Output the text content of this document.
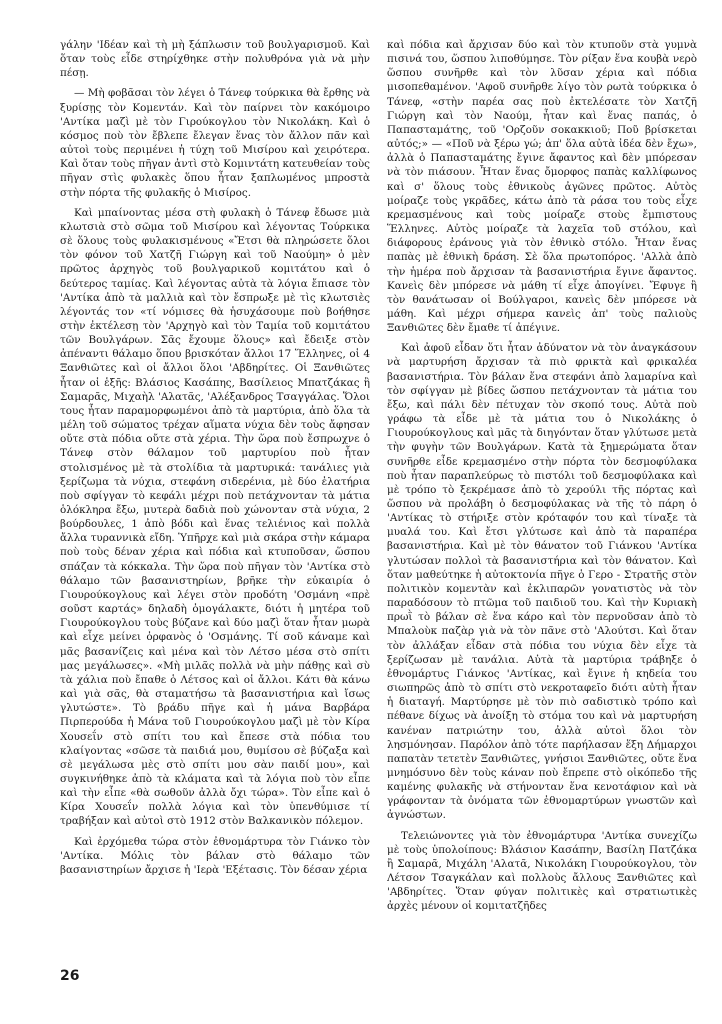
γάλην 'Ιδέαν καὶ τὴ μὴ ξάπλωσιν τοῦ βουλγαρισμοῦ. Καὶ ὅταν τοὺς εἶδε στηρίχθηκε στὴν πολυθρόνα γιὰ νὰ μὴν πέσῃ.

— Μὴ φοβᾶσαι τὸν λέγει ὁ Τάνεφ τούρκικα θὰ ἔρθης νὰ ξυρίσῃς τὸν Κομεντάν. Καὶ τὸν παίρνει τὸν κακόμοιρο 'Αντίκα μαζὶ μὲ τὸν Γιρούκογλου τὸν Νικολάκη. Καὶ ὁ κόσμος ποὺ τὸν ἔβλεπε ἔλεγαν ἕνας τὸν ἄλλον πᾶν καὶ αὐτοὶ τοὺς περιμένει ἡ τύχη τοῦ Μισίρου καὶ χειρότερα. Καὶ ὅταν τοὺς πῆγαν ἀντὶ στὸ Κομιντάτη κατευθείαν τοὺς πῆγαν στὶς φυλακὲς ὅπου ἦταν ξαπλωμένος μπροστὰ στὴν πόρτα τῆς φυλακῆς ὁ Μισίρος.

Καὶ μπαίνοντας μέσα στὴ φυλακὴ ὁ Τάνεφ ἔδωσε μιὰ κλωτσιὰ στὸ σῶμα τοῦ Μισίρου καὶ λέγοντας Τούρκικα σὲ ὅλους τοὺς φυλακισμένους «Ἔτσι θὰ πληρώσετε ὅλοι τὸν φόνον τοῦ Χατζῆ Γιώργη καὶ τοῦ Ναούμη» ὁ μὲν πρῶτος ἀρχηγὸς τοῦ βουλγαρικοῦ κομιτάτου καὶ ὁ δεύτερος ταμίας. Καὶ λέγοντας αὐτὰ τὰ λόγια ἔπιασε τὸν 'Αντίκα ἀπὸ τὰ μαλλιὰ καὶ τὸν ἔσπρωξε μὲ τὶς κλωτσιὲς λέγοντάς τον «τί νόμισες θὰ ἡσυχάσουμε ποὺ βοήθησε στὴν ἐκτέλεσῃ τὸν 'Αρχηγὸ καὶ τὸν Ταμία τοῦ κομιτάτου τῶν Βουλγάρων. Σᾶς ἔχουμε ὅλους» καὶ ἔδειξε στὸν ἀπέναντι θάλαμο ὅπου βρισκόταν ἄλλοι 17 Ἕλληνες, οἱ 4 Ξανθιῶτες καὶ οἱ ἄλλοι ὅλοι 'Αβδηρίτες. Οἱ Ξανθιῶτες ἦταν οἱ ἑξῆς: Βλάσιος Κασάπης, Βασίλειος Μπατζάκας ἢ Σαμαρᾶς, Μιχαὴλ 'Αλατᾶς, 'Αλέξανδρος Τσαγγάλας. Ὅλοι τους ἦταν παραμορφωμένοι ἀπὸ τὰ μαρτύρια, ἀπὸ ὅλα τὰ μέλη τοῦ σώματος τρέχαν αἵματα νύχια δὲν τοὺς ἄφησαν οὔτε στὰ πόδια οὔτε στὰ χέρια. Τὴν ὥρα ποὺ ἔσπρωχνε ὁ Τάνεφ στὸν θάλαμον τοῦ μαρτυρίου ποὺ ἦταν στολισμένος μὲ τὰ στολίδια τὰ μαρτυρικά: τανάλιες γιὰ ξερίζωμα τὰ νύχια, στεφάνη σιδερένια, μὲ δύο ἐλατήρια ποὺ σφίγγαν τὸ κεφάλι μέχρι ποὺ πετάχνονταν τὰ μάτια ὁλόκληρα ἔξω, μυτερὰ δαδιὰ ποὺ χώνονταν στὰ νύχια, 2 βούρδουλες, 1 ἀπὸ βόδι καὶ ἕνας τελιένιος καὶ πολλὰ ἄλλα τυραννικὰ εἴδη. Ὑπῆρχε καὶ μιὰ σκάρα στὴν κάμαρα ποὺ τοὺς δέναν χέρια καὶ πόδια καὶ κτυποῦσαν, ὥσπου σπάζαν τὰ κόκκαλα. Τὴν ὥρα ποὺ πῆγαν τὸν 'Αντίκα στὸ θάλαμο τῶν βασανιστηρίων, βρῆκε τὴν εὐκαιρία ὁ Γιουρούκογλους καὶ λέγει στὸν προδότη 'Οσμάνη «πρὲ σοῦστ καρτάς» δηλαδὴ ὁμογάλακτε, διότι ἡ μητέρα τοῦ Γιουρούκογλου τοὺς βύζανε καὶ δύο μαζὶ ὅταν ἦταν μωρὰ καὶ εἶχε μείνει ὀρφανὸς ὁ 'Οσμάνης. Τί σοῦ κάναμε καὶ μᾶς βασανίζεις καὶ μένα καὶ τὸν Λέτσο μέσα στὸ σπίτι μας μεγάλωσες». «Μὴ μιλᾶς πολλὰ νὰ μὴν πάθῃς καὶ σὺ τὰ χάλια ποὺ ἔπαθε ὁ Λέτσος καὶ οἱ ἄλλοι. Κάτι θὰ κάνω καὶ γιὰ σᾶς, θὰ σταματήσω τὰ βασανιστήρια καὶ ἴσως γλυτώστε». Τὸ βράδυ πῆγε καὶ ἡ μάνα Βαρβάρα Πιρπερούδα ἡ Μάνα τοῦ Γιουρούκογλου μαζὶ μὲ τὸν Κίρα Χουσεΐν στὸ σπίτι του καὶ ἔπεσε στὰ πόδια του κλαίγοντας «σῶσε τὰ παιδιά μου, θυμίσου σὲ βύζαξα καὶ σὲ μεγάλωσα μὲς στὸ σπίτι μου σὰν παιδί μου», καὶ συγκινήθηκε ἀπὸ τὰ κλάματα καὶ τὰ λόγια ποὺ τὸν εἶπε καὶ τὴν εἶπε «θὰ σωθοῦν ἀλλὰ ὄχι τώρα». Τὸν εἶπε καὶ ὁ Κίρα Χουσεΐν πολλὰ λόγια καὶ τὸν ὑπενθύμισε τί τραβήξαν καὶ αὐτοὶ στὸ 1912 στὸν Βαλκανικὸν πόλεμον.

Καὶ ἐρχόμεθα τώρα στὸν ἐθνομάρτυρα τὸν Γιάνκο τὸν 'Αντίκα. Μόλις τὸν βάλαν στὸ θάλαμο τῶν βασανιστηρίων ἄρχισε ἡ 'Ιερὰ 'Εξέτασις. Τὸν δέσαν χέρια

καὶ πόδια καὶ ἄρχισαν δύο καὶ τὸν κτυποῦν στὰ γυμνὰ πισινά του, ὥσπου λιποθύμησε. Τὸν ρίξαν ἕνα κουβὰ νερὸ ὥσπου συνῆρθε καὶ τὸν λῦσαν χέρια καὶ πόδια μισοπεθαμένον. 'Αφοῦ συνῆρθε λίγο τὸν ρωτὰ τούρκικα ὁ Τάνεφ, «στὴν παρέα σας ποὺ ἐκτελέσατε τὸν Χατζῆ Γιώργη καὶ τὸν Ναούμ, ἦταν καὶ ἕνας παπάς, ὁ Παπασταμάτης, τοῦ 'Ορζοῦν σοκακκιοῦ; Ποῦ βρίσκεται αὐτός;» — «Ποῦ νὰ ξέρω γώ; ἀπ' ὅλα αὐτὰ ἰδέα δὲν ἔχω», ἀλλὰ ὁ Παπασταμάτης ἔγινε ἄφαντος καὶ δὲν μπόρεσαν νὰ τὸν πιάσουν. Ἦταν ἕνας ὄμορφος παπὰς καλλίφωνος καὶ σ' ὅλους τοὺς ἐθνικοὺς ἀγῶνες πρῶτος. Αὐτὸς μοίραζε τοὺς γκρᾶδες, κάτω ἀπὸ τὰ ράσα του τοὺς εἶχε κρεμασμένους καὶ τοὺς μοίραζε στοὺς ἔμπιστους Ἕλληνες. Αὐτὸς μοίραζε τὰ λαχεῖα τοῦ στόλου, καὶ διάφορους ἐράνους γιὰ τὸν ἐθνικὸ στόλο. Ἦταν ἕνας παπὰς μὲ ἐθνικὴ δράση. Σὲ ὅλα πρωτοπόρος. 'Αλλὰ ἀπὸ τὴν ἡμέρα ποὺ ἄρχισαν τὰ βασανιστήρια ἔγινε ἄφαντος. Κανεὶς δὲν μπόρεσε νὰ μάθη τί εἶχε ἀπογίνει. Ἔφυγε ἢ τὸν θανάτωσαν οἱ Βούλγαροι, κανεὶς δὲν μπόρεσε νὰ μάθη. Καὶ μέχρι σήμερα κανεὶς ἀπ' τοὺς παλιοὺς Ξανθιῶτες δὲν ἔμαθε τί ἀπέγινε.

Καὶ ἀφοῦ εἶδαν ὅτι ἦταν ἀδύνατον νὰ τὸν ἀναγκάσουν νὰ μαρτυρήση ἄρχισαν τὰ πιὸ φρικτὰ καὶ φρικαλέα βασανιστήρια. Τὸν βάλαν ἕνα στεφάνι ἀπὸ λαμαρίνα καὶ τὸν σφίγγαν μὲ βίδες ὥσπου πετάχνονταν τὰ μάτια του ἔξω, καὶ πάλι δὲν πέτυχαν τὸν σκοπό τους. Αὐτὰ ποὺ γράφω τὰ εἶδε μὲ τὰ μάτια του ὁ Νικολάκης ὁ Γιουρούκογλους καὶ μᾶς τὰ διηγόνταν ὅταν γλύτωσε μετὰ τὴν φυγὴν τῶν Βουλγάρων. Κατὰ τὰ ξημερώματα ὅταν συνῆρθε εἶδε κρεμασμένο στὴν πόρτα τὸν δεσμοφύλακα ποὺ ἦταν παραπλεύρως τὸ πιστόλι τοῦ δεσμοφύλακα καὶ μὲ τρόπο τὸ ξεκρέμασε ἀπὸ τὸ χερούλι τῆς πόρτας καὶ ὥσπου νὰ προλάβη ὁ δεσμοφύλακας νὰ τῆς τὸ πάρη ὁ 'Αντίκας τὸ στήριξε στὸν κρόταφόν του καὶ τίναξε τὰ μυαλά του. Καὶ ἔτσι γλύτωσε καὶ ἀπὸ τὰ παραπέρα βασανιστήρια. Καὶ μὲ τὸν θάνατον τοῦ Γιάνκου 'Αντίκα γλυτώσαν πολλοὶ τὰ βασανιστήρια καὶ τὸν θάνατον. Καὶ ὅταν μαθεύτηκε ἡ αὐτοκτονία πῆγε ὁ Γερο - Στρατῆς στὸν πολιτικὸν κομεντὰν καὶ ἐκλιπαρῶν γονατιστὸς νὰ τὸν παραδόσουν τὸ πτῶμα τοῦ παιδιοῦ του. Καὶ τὴν Κυριακὴ πρωῒ τὸ βάλαν σὲ ἕνα κάρο καὶ τὸν περνοῦσαν ἀπὸ τὸ Μπαλοὺκ παζὰρ γιὰ νὰ τὸν πᾶνε στὸ 'Αλούτσι. Καὶ ὅταν τὸν ἀλλάξαν εἶδαν στὰ πόδια του νύχια δὲν εἶχε τὰ ξερίζωσαν μὲ τανάλια. Αὐτὰ τὰ μαρτύρια τράβηξε ὁ ἐθνομάρτυς Γιάνκος 'Αντίκας, καὶ ἔγινε ἡ κηδεία του σιωπηρῶς ἀπὸ τὸ σπίτι στὸ νεκροταφεῖο διότι αὐτὴ ἦταν ἡ διαταγή. Μαρτύρησε μὲ τὸν πιὸ σαδιστικὸ τρόπο καὶ πέθανε δίχως νὰ ἀνοίξη τὸ στόμα του καὶ νὰ μαρτυρήση κανέναν πατριώτην του, ἀλλὰ αὐτοὶ ὅλοι τὸν λησμόνησαν. Παρόλον ἀπὸ τότε παρήλασαν ἕξη Δήμαρχοι παπατὰν τετετὲν Ξανθιῶτες, γνήσιοι Ξανθιῶτες, οὔτε ἕνα μνημόσυνο δὲν τοὺς κάναν ποὺ ἔπρεπε στὸ οἰκόπεδο τῆς καμένης φυλακῆς νὰ στήνονταν ἕνα κενοτάφιον καὶ νὰ γράφονταν τὰ ὀνόματα τῶν ἐθνομαρτύρων γνωστῶν καὶ ἀγνώστων.

Τελειώνοντες γιὰ τὸν ἐθνομάρτυρα 'Αντίκα συνεχίζω μὲ τοὺς ὑπολοίπους: Βλάσιον Κασάπην, Βασίλη Πατζάκα ἢ Σαμαρᾶ, Μιχάλη 'Αλατᾶ, Νικολάκη Γιουρούκογλου, τὸν Λέτσον Τσαγκάλαν καὶ πολλοὺς ἄλλους Ξανθιῶτες καὶ 'Αβδηρίτες. Ὅταν φύγαν πολιτικὲς καὶ στρατιωτικὲς ἀρχὲς μένουν οἱ κομιτατζῆδες

26
